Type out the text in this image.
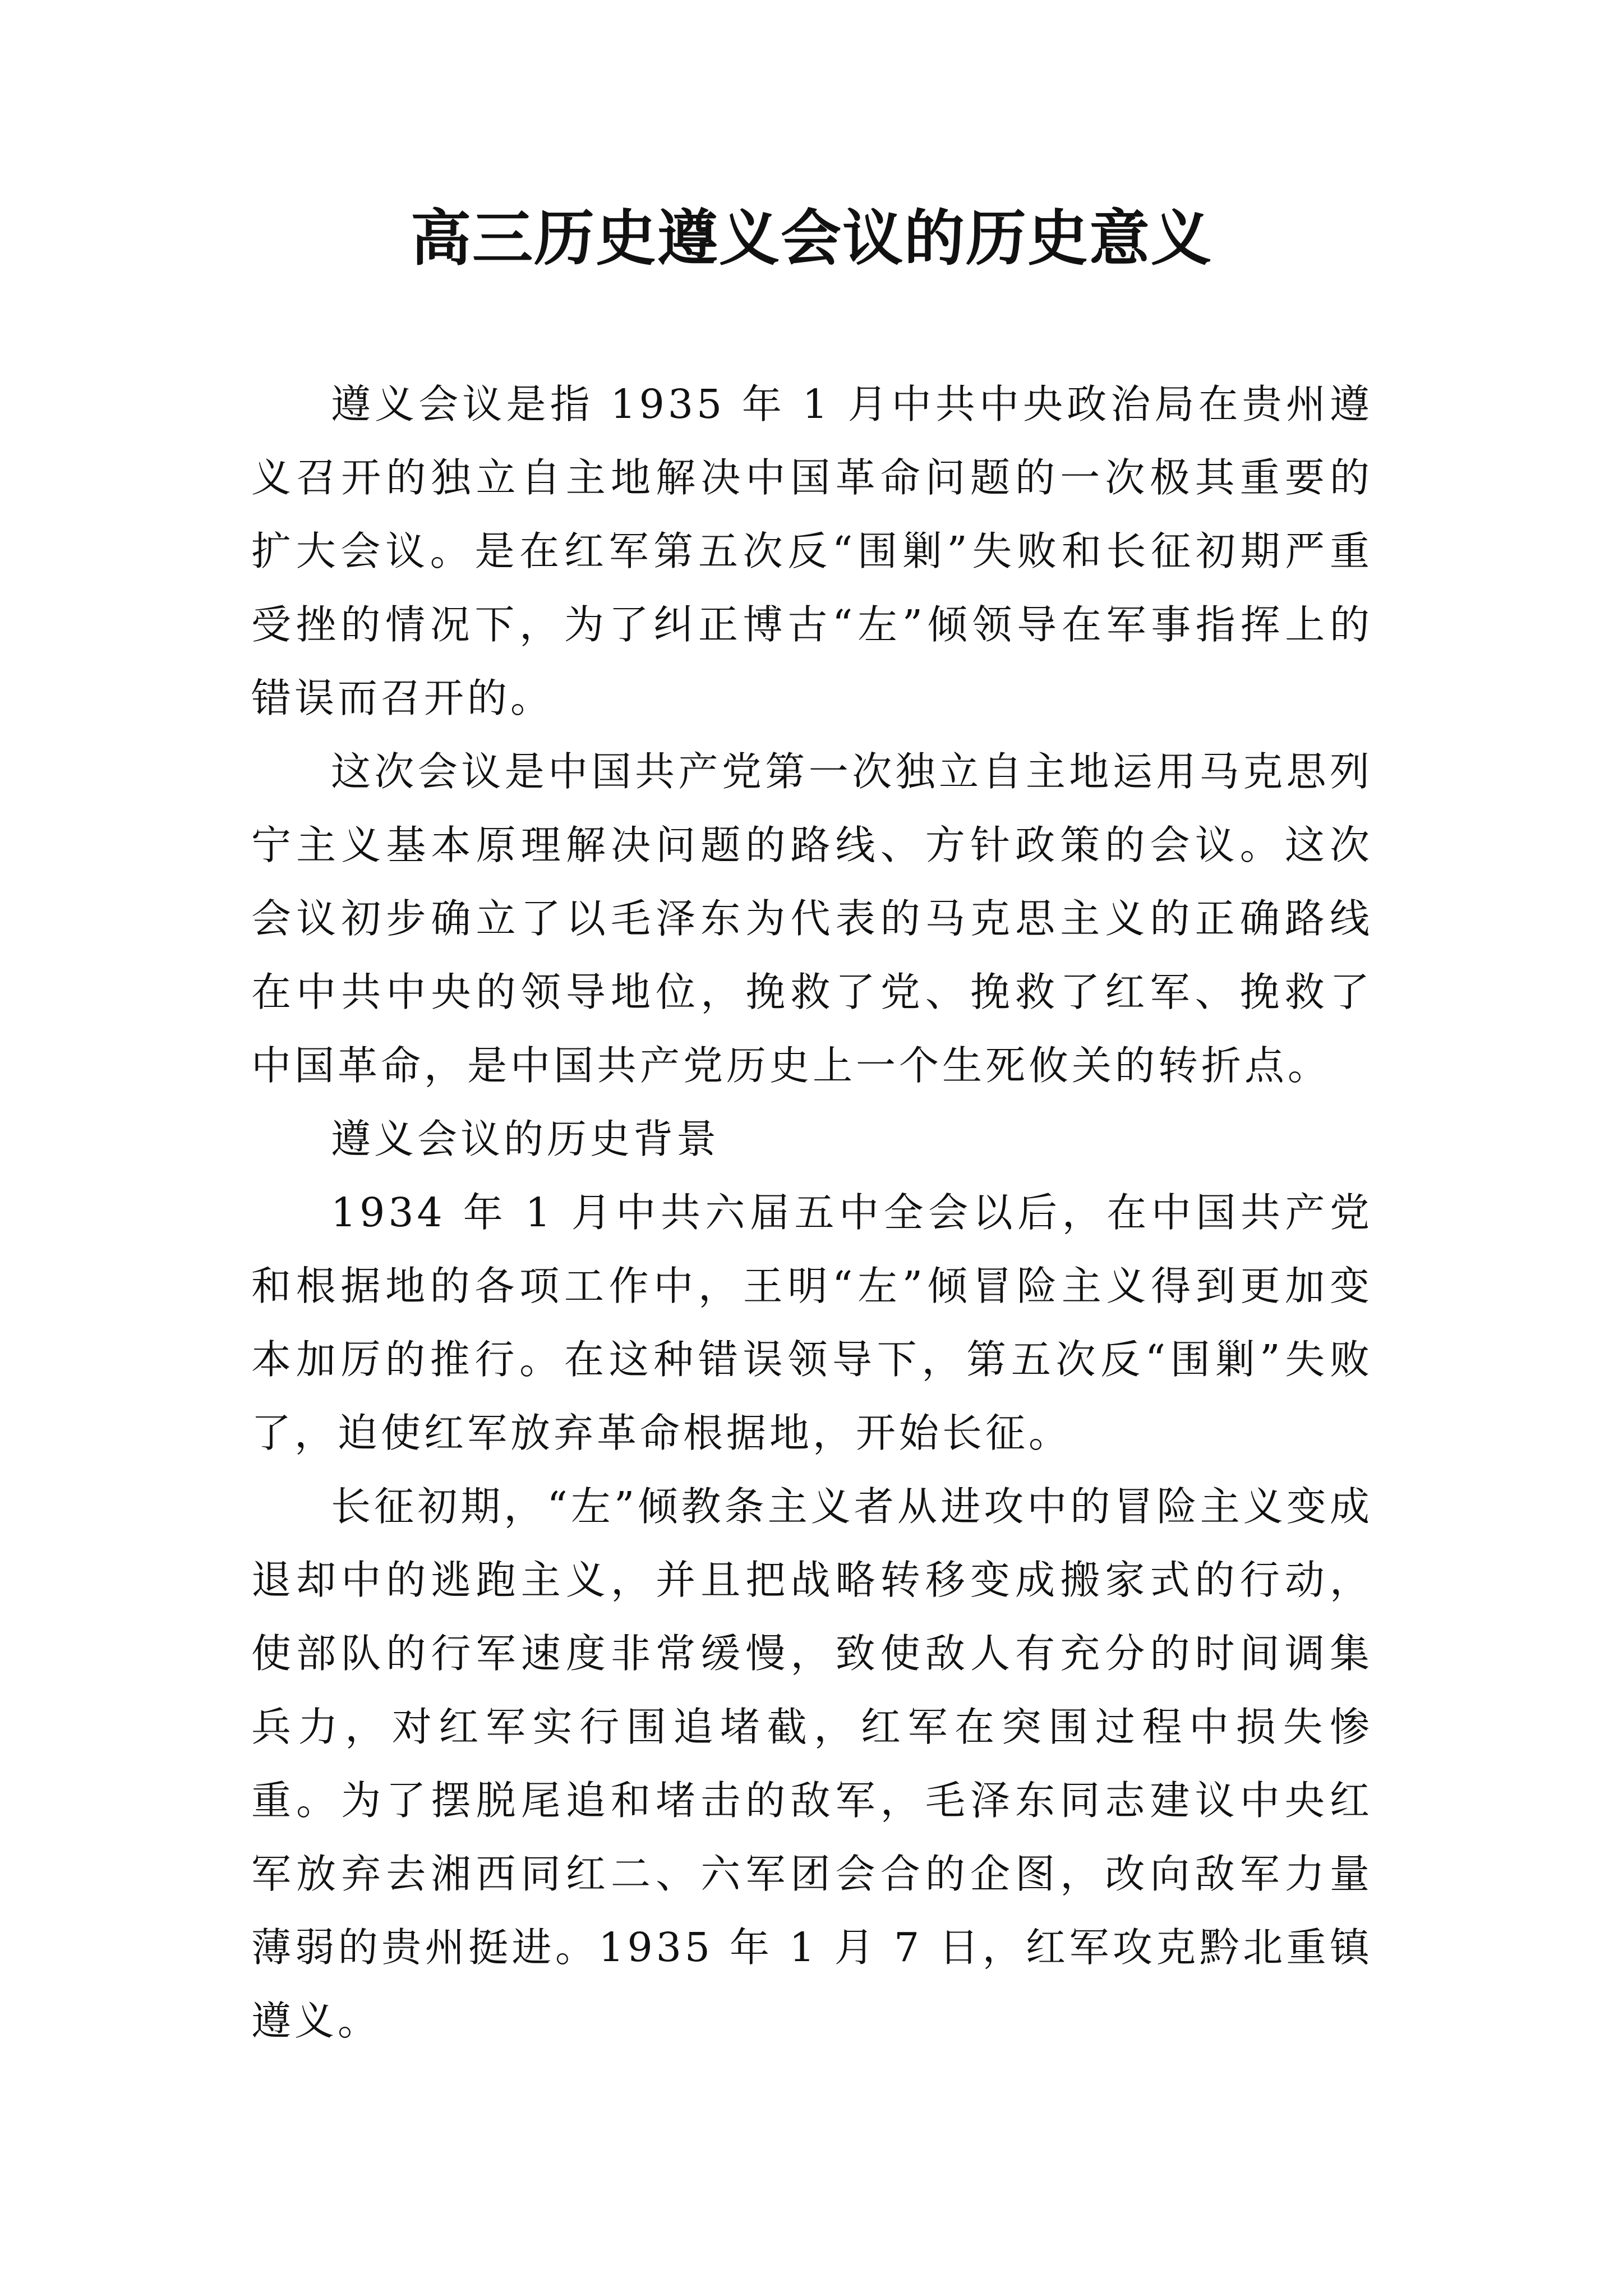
高三历史遵义会议的历史意义

遵义会议是指 1935 年 1 月中共中央政治局在贵州遵义召开的独立自主地解决中国革命问题的一次极其重要的扩大会议。是在红军第五次反“围剿”失败和长征初期严重受挫的情况下，为了纠正博古“左”倾领导在军事指挥上的错误而召开的。

这次会议是中国共产党第一次独立自主地运用马克思列宁主义基本原理解决问题的路线、方针政策的会议。这次会议初步确立了以毛泽东为代表的马克思主义的正确路线在中共中央的领导地位，挽救了党、挽救了红军、挽救了中国革命，是中国共产党历史上一个生死攸关的转折点。

遵义会议的历史背景

1934 年 1 月中共六届五中全会以后，在中国共产党和根据地的各项工作中，王明“左”倾冒险主义得到更加变本加厉的推行。在这种错误领导下，第五次反“围剿”失败了，迫使红军放弃革命根据地，开始长征。

长征初期，“左”倾教条主义者从进攻中的冒险主义变成退却中的逃跑主义，并且把战略转移变成搬家式的行动，使部队的行军速度非常缓慢，致使敌人有充分的时间调集兵力，对红军实行围追堵截，红军在突围过程中损失惨重。为了摆脱尾追和堵击的敌军，毛泽东同志建议中央红军放弃去湘西同红二、六军团会合的企图，改向敌军力量薄弱的贵州挺进。1935 年 1 月 7 日，红军攻克黔北重镇遵义。
